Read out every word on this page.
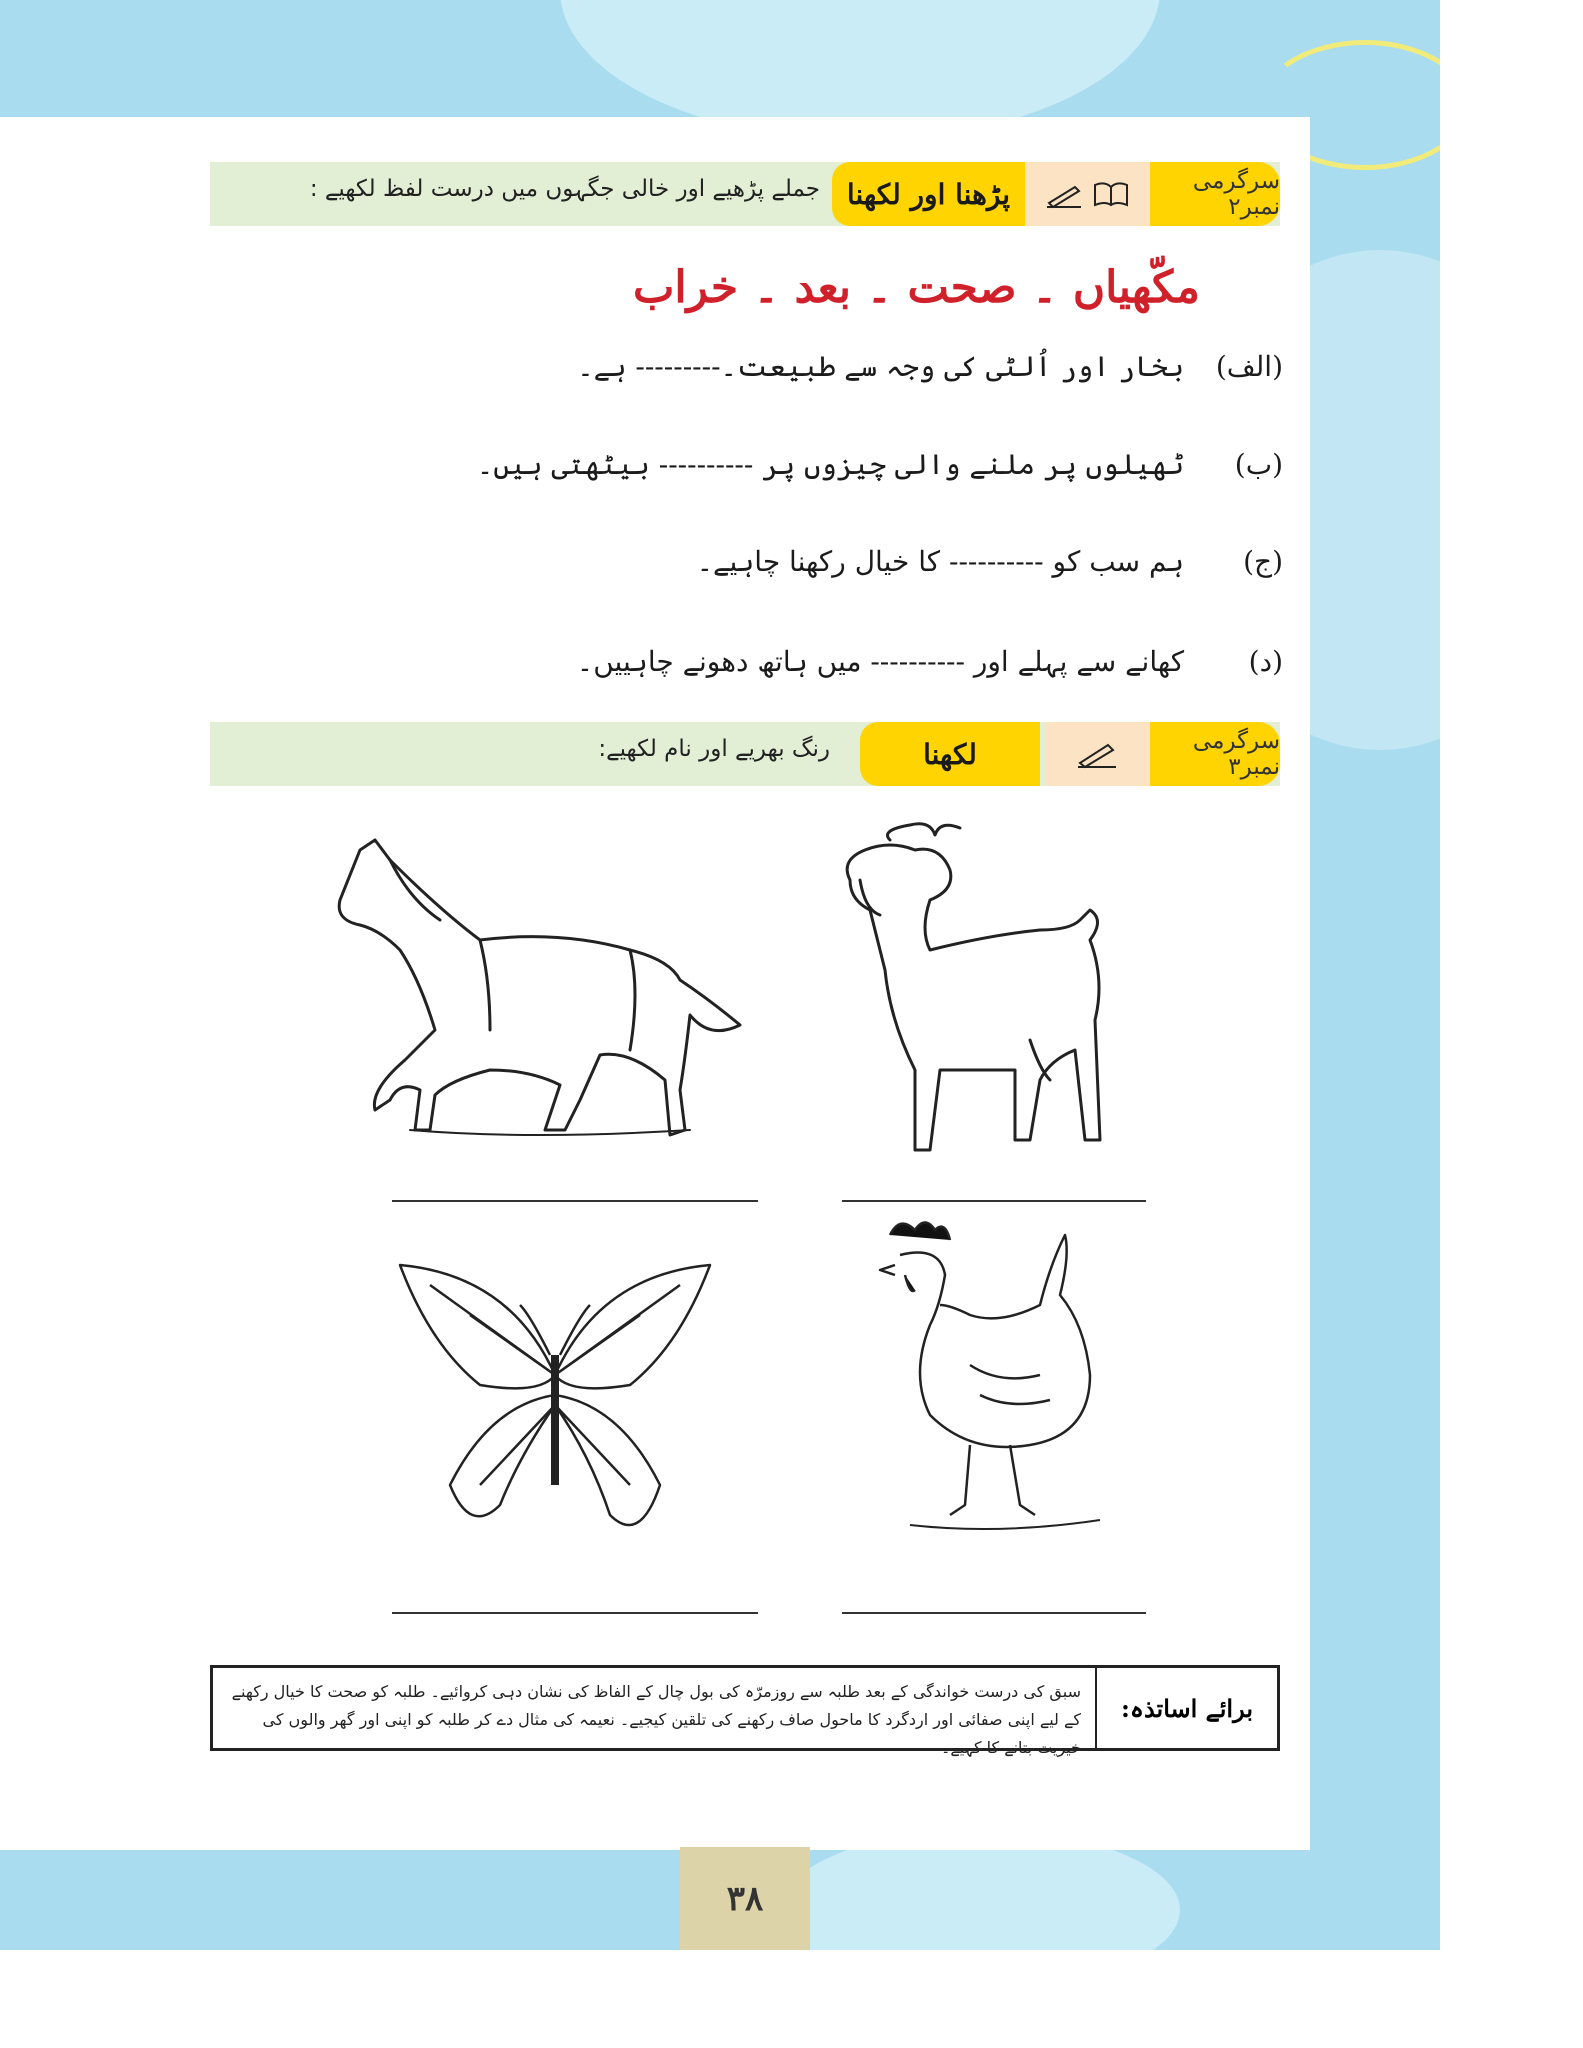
سرگرمی نمبر۲
پڑھنا اور لکھنا
جملے پڑھیے اور خالی جگہوں میں درست لفظ لکھیے :
مکّھیاں ۔ صحت ۔ بعد ۔ خراب
(الف) بخار اور اُلٹی کی وجہ سے طبیعت۔--------- ہے۔
(ب) ٹھیلوں پر ملنے والی چیزوں پر ---------- بیٹھتی ہیں۔
(ج) ہم سب کو ---------- کا خیال رکھنا چاہیے۔
(د) کھانے سے پہلے اور ---------- میں ہاتھ دھونے چاہییں۔
سرگرمی نمبر۳
لکھنا
رنگ بھریے اور نام لکھیے:
برائے اساتذہ:
سبق کی درست خواندگی کے بعد طلبہ سے روزمرّہ کی بول چال کے الفاظ کی نشان دہی کروائیے۔ طلبہ کو صحت کا خیال رکھنے کے لیے اپنی صفائی اور اردگرد کا ماحول صاف رکھنے کی تلقین کیجیے۔ نعیمہ کی مثال دے کر طلبہ کو اپنی اور گھر والوں کی خیریت بتانے کا کہیے۔
۳۸
